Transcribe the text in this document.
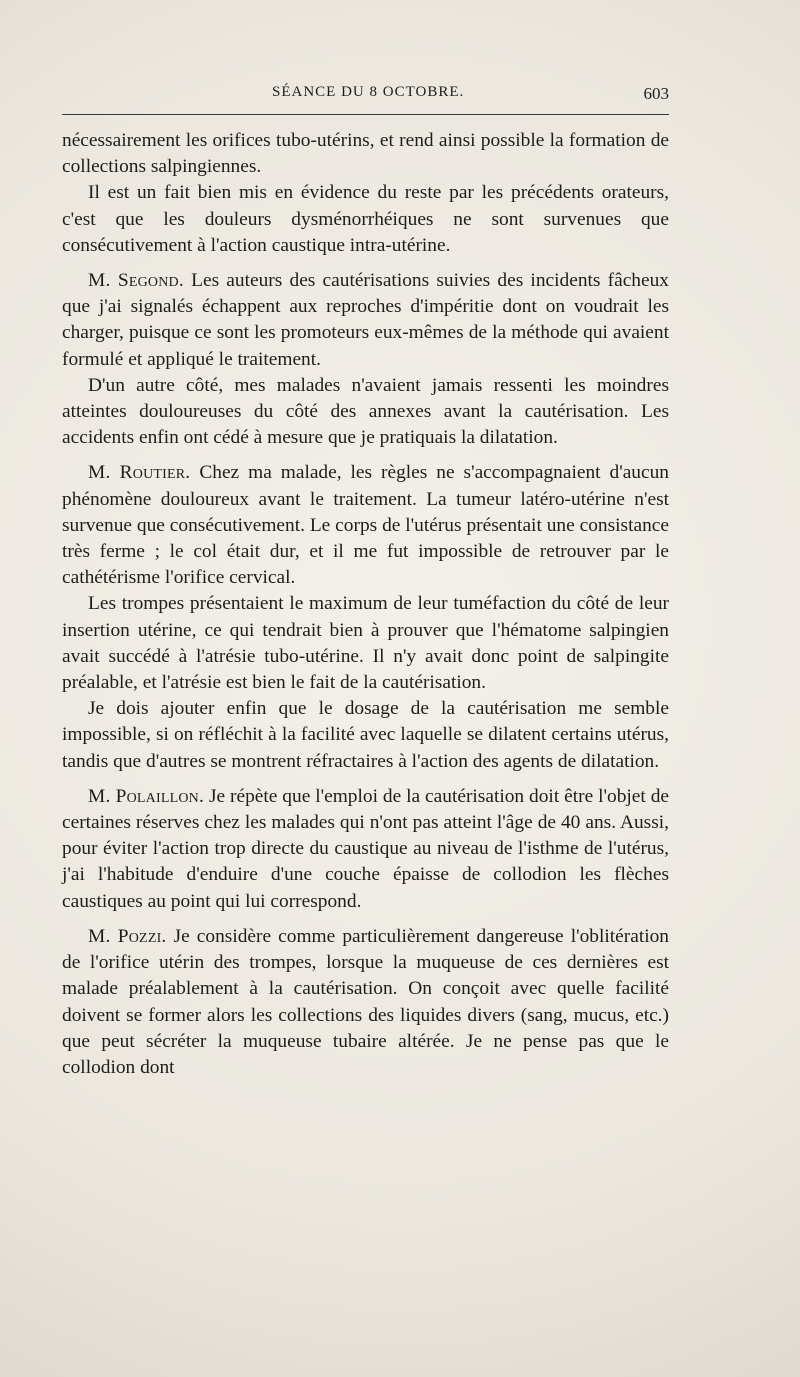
SÉANCE DU 8 OCTOBRE.	603

nécessairement les orifices tubo-utérins, et rend ainsi possible la formation de collections salpingiennes.

Il est un fait bien mis en évidence du reste par les précédents orateurs, c'est que les douleurs dysménorrhéiques ne sont survenues que consécutivement à l'action caustique intra-utérine.

M. Segond. Les auteurs des cautérisations suivies des incidents fâcheux que j'ai signalés échappent aux reproches d'impéritie dont on voudrait les charger, puisque ce sont les promoteurs eux-mêmes de la méthode qui avaient formulé et appliqué le traitement.

D'un autre côté, mes malades n'avaient jamais ressenti les moindres atteintes douloureuses du côté des annexes avant la cautérisation. Les accidents enfin ont cédé à mesure que je pratiquais la dilatation.

M. Routier. Chez ma malade, les règles ne s'accompagnaient d'aucun phénomène douloureux avant le traitement. La tumeur latéro-utérine n'est survenue que consécutivement. Le corps de l'utérus présentait une consistance très ferme ; le col était dur, et il me fut impossible de retrouver par le cathétérisme l'orifice cervical.

Les trompes présentaient le maximum de leur tuméfaction du côté de leur insertion utérine, ce qui tendrait bien à prouver que l'hématome salpingien avait succédé à l'atrésie tubo-utérine. Il n'y avait donc point de salpingite préalable, et l'atrésie est bien le fait de la cautérisation.

Je dois ajouter enfin que le dosage de la cautérisation me semble impossible, si on réfléchit à la facilité avec laquelle se dilatent certains utérus, tandis que d'autres se montrent réfractaires à l'action des agents de dilatation.

M. Polaillon. Je répète que l'emploi de la cautérisation doit être l'objet de certaines réserves chez les malades qui n'ont pas atteint l'âge de 40 ans. Aussi, pour éviter l'action trop directe du caustique au niveau de l'isthme de l'utérus, j'ai l'habitude d'enduire d'une couche épaisse de collodion les flèches caustiques au point qui lui correspond.

M. Pozzi. Je considère comme particulièrement dangereuse l'oblitération de l'orifice utérin des trompes, lorsque la muqueuse de ces dernières est malade préalablement à la cautérisation. On conçoit avec quelle facilité doivent se former alors les collections des liquides divers (sang, mucus, etc.) que peut sécréter la muqueuse tubaire altérée. Je ne pense pas que le collodion dont
